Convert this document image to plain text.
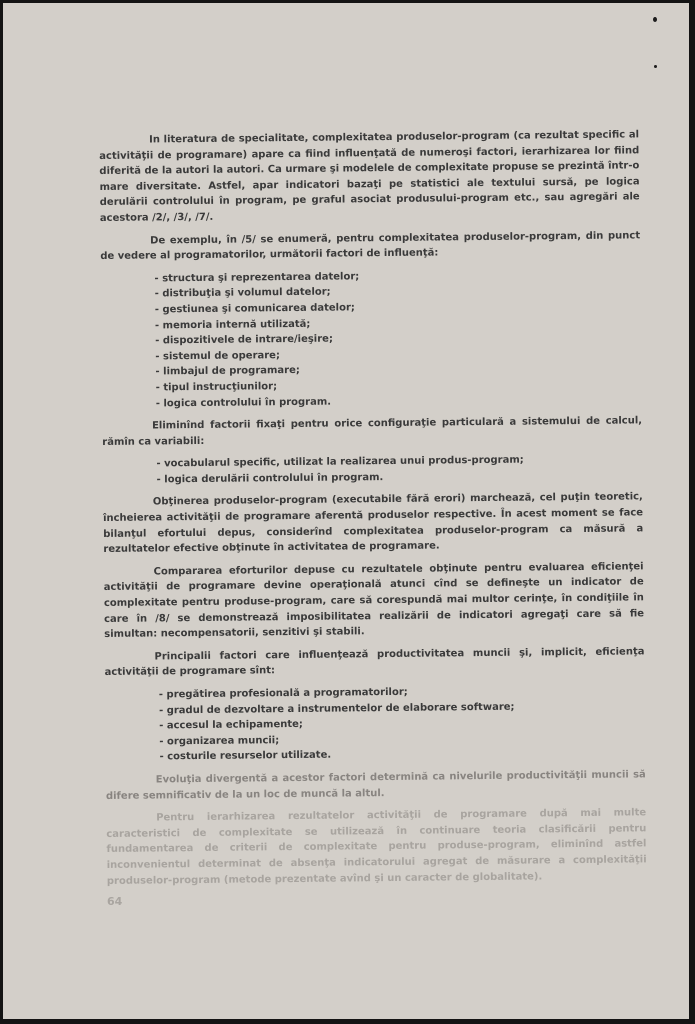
In literatura de specialitate, complexitatea produselor-program (ca rezultat specific al activităţii de programare) apare ca fiind influenţată de numeroşi factori, ierarhizarea lor fiind diferită de la autori la autori. Ca urmare şi modelele de complexitate propuse se prezintă într-o mare diversitate. Astfel, apar indicatori bazaţi pe statistici ale textului sursă, pe logica derulării controlului în program, pe graful asociat produsului-program etc., sau agregări ale acestora /2/, /3/, /7/.

De exemplu, în /5/ se enumeră, pentru complexitatea produselor-program, din punct de vedere al programatorilor, următorii factori de influenţă:

- structura şi reprezentarea datelor;
- distribuţia şi volumul datelor;
- gestiunea şi comunicarea datelor;
- memoria internă utilizată;
- dispozitivele de intrare/ieşire;
- sistemul de operare;
- limbajul de programare;
- tipul instrucţiunilor;
- logica controlului în program.

Eliminînd factorii fixaţi pentru orice configuraţie particulară a sistemului de calcul, rămîn ca variabili:

- vocabularul specific, utilizat la realizarea unui produs-program;
- logica derulării controlului în program.

Obţinerea produselor-program (executabile fără erori) marchează, cel puţin teoretic, încheierea activităţii de programare aferentă produselor respective. În acest moment se face bilanţul efortului depus, considerînd complexitatea produselor-program ca măsură a rezultatelor efective obţinute în activitatea de programare.

Compararea eforturilor depuse cu rezultatele obţinute pentru evaluarea eficienţei activităţii de programare devine operaţională atunci cînd se defineşte un indicator de complexitate pentru produse-program, care să corespundă mai multor cerinţe, în condiţiile în care în /8/ se demonstrează imposibilitatea realizării de indicatori agregaţi care să fie simultan: necompensatorii, senzitivi şi stabili.

Principalii factori care influenţează productivitatea muncii şi, implicit, eficienţa activităţii de programare sînt:

- pregătirea profesională a programatorilor;
- gradul de dezvoltare a instrumentelor de elaborare software;
- accesul la echipamente;
- organizarea muncii;
- costurile resurselor utilizate.

Evoluţia divergentă a acestor factori determină ca nivelurile productivităţii muncii să difere semnificativ de la un loc de muncă la altul.

Pentru ierarhizarea rezultatelor activităţii de programare după mai multe caracteristici de complexitate se utilizează în continuare teoria clasificării pentru fundamentarea de criterii de complexitate pentru produse-program, eliminînd astfel inconvenientul determinat de absenţa indicatorului agregat de măsurare a complexităţii produselor-program (metode prezentate avînd şi un caracter de globalitate).

64
